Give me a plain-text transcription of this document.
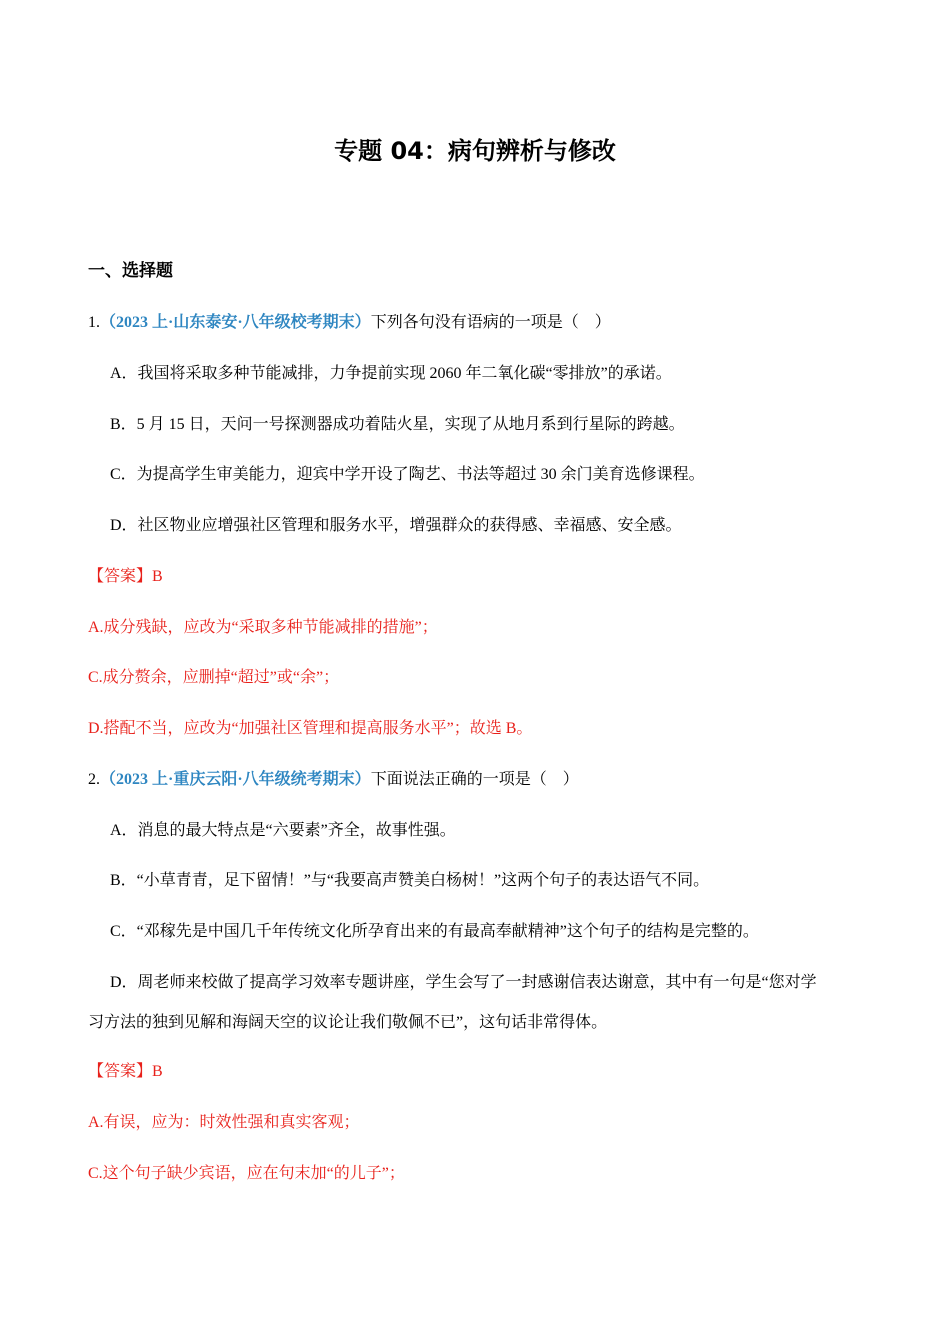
专题 04：病句辨析与修改
一、选择题
1.（2023 上·山东泰安·八年级校考期末）下列各句没有语病的一项是（　）
A．我国将采取多种节能减排，力争提前实现 2060 年二氧化碳“零排放”的承诺。
B．5 月 15 日，天问一号探测器成功着陆火星，实现了从地月系到行星际的跨越。
C．为提高学生审美能力，迎宾中学开设了陶艺、书法等超过 30 余门美育选修课程。
D．社区物业应增强社区管理和服务水平，增强群众的获得感、幸福感、安全感。
【答案】B
A.成分残缺，应改为“采取多种节能减排的措施”；
C.成分赘余，应删掉“超过”或“余”；
D.搭配不当，应改为“加强社区管理和提高服务水平”；故选 B。
2.（2023 上·重庆云阳·八年级统考期末）下面说法正确的一项是（　）
A．消息的最大特点是“六要素”齐全，故事性强。
B．“小草青青，足下留情！”与“我要高声赞美白杨树！”这两个句子的表达语气不同。
C．“邓稼先是中国几千年传统文化所孕育出来的有最高奉献精神”这个句子的结构是完整的。
D．周老师来校做了提高学习效率专题讲座，学生会写了一封感谢信表达谢意，其中有一句是“您对学
习方法的独到见解和海阔天空的议论让我们敬佩不已”，这句话非常得体。
【答案】B
A.有误，应为：时效性强和真实客观；
C.这个句子缺少宾语，应在句末加“的儿子”；
